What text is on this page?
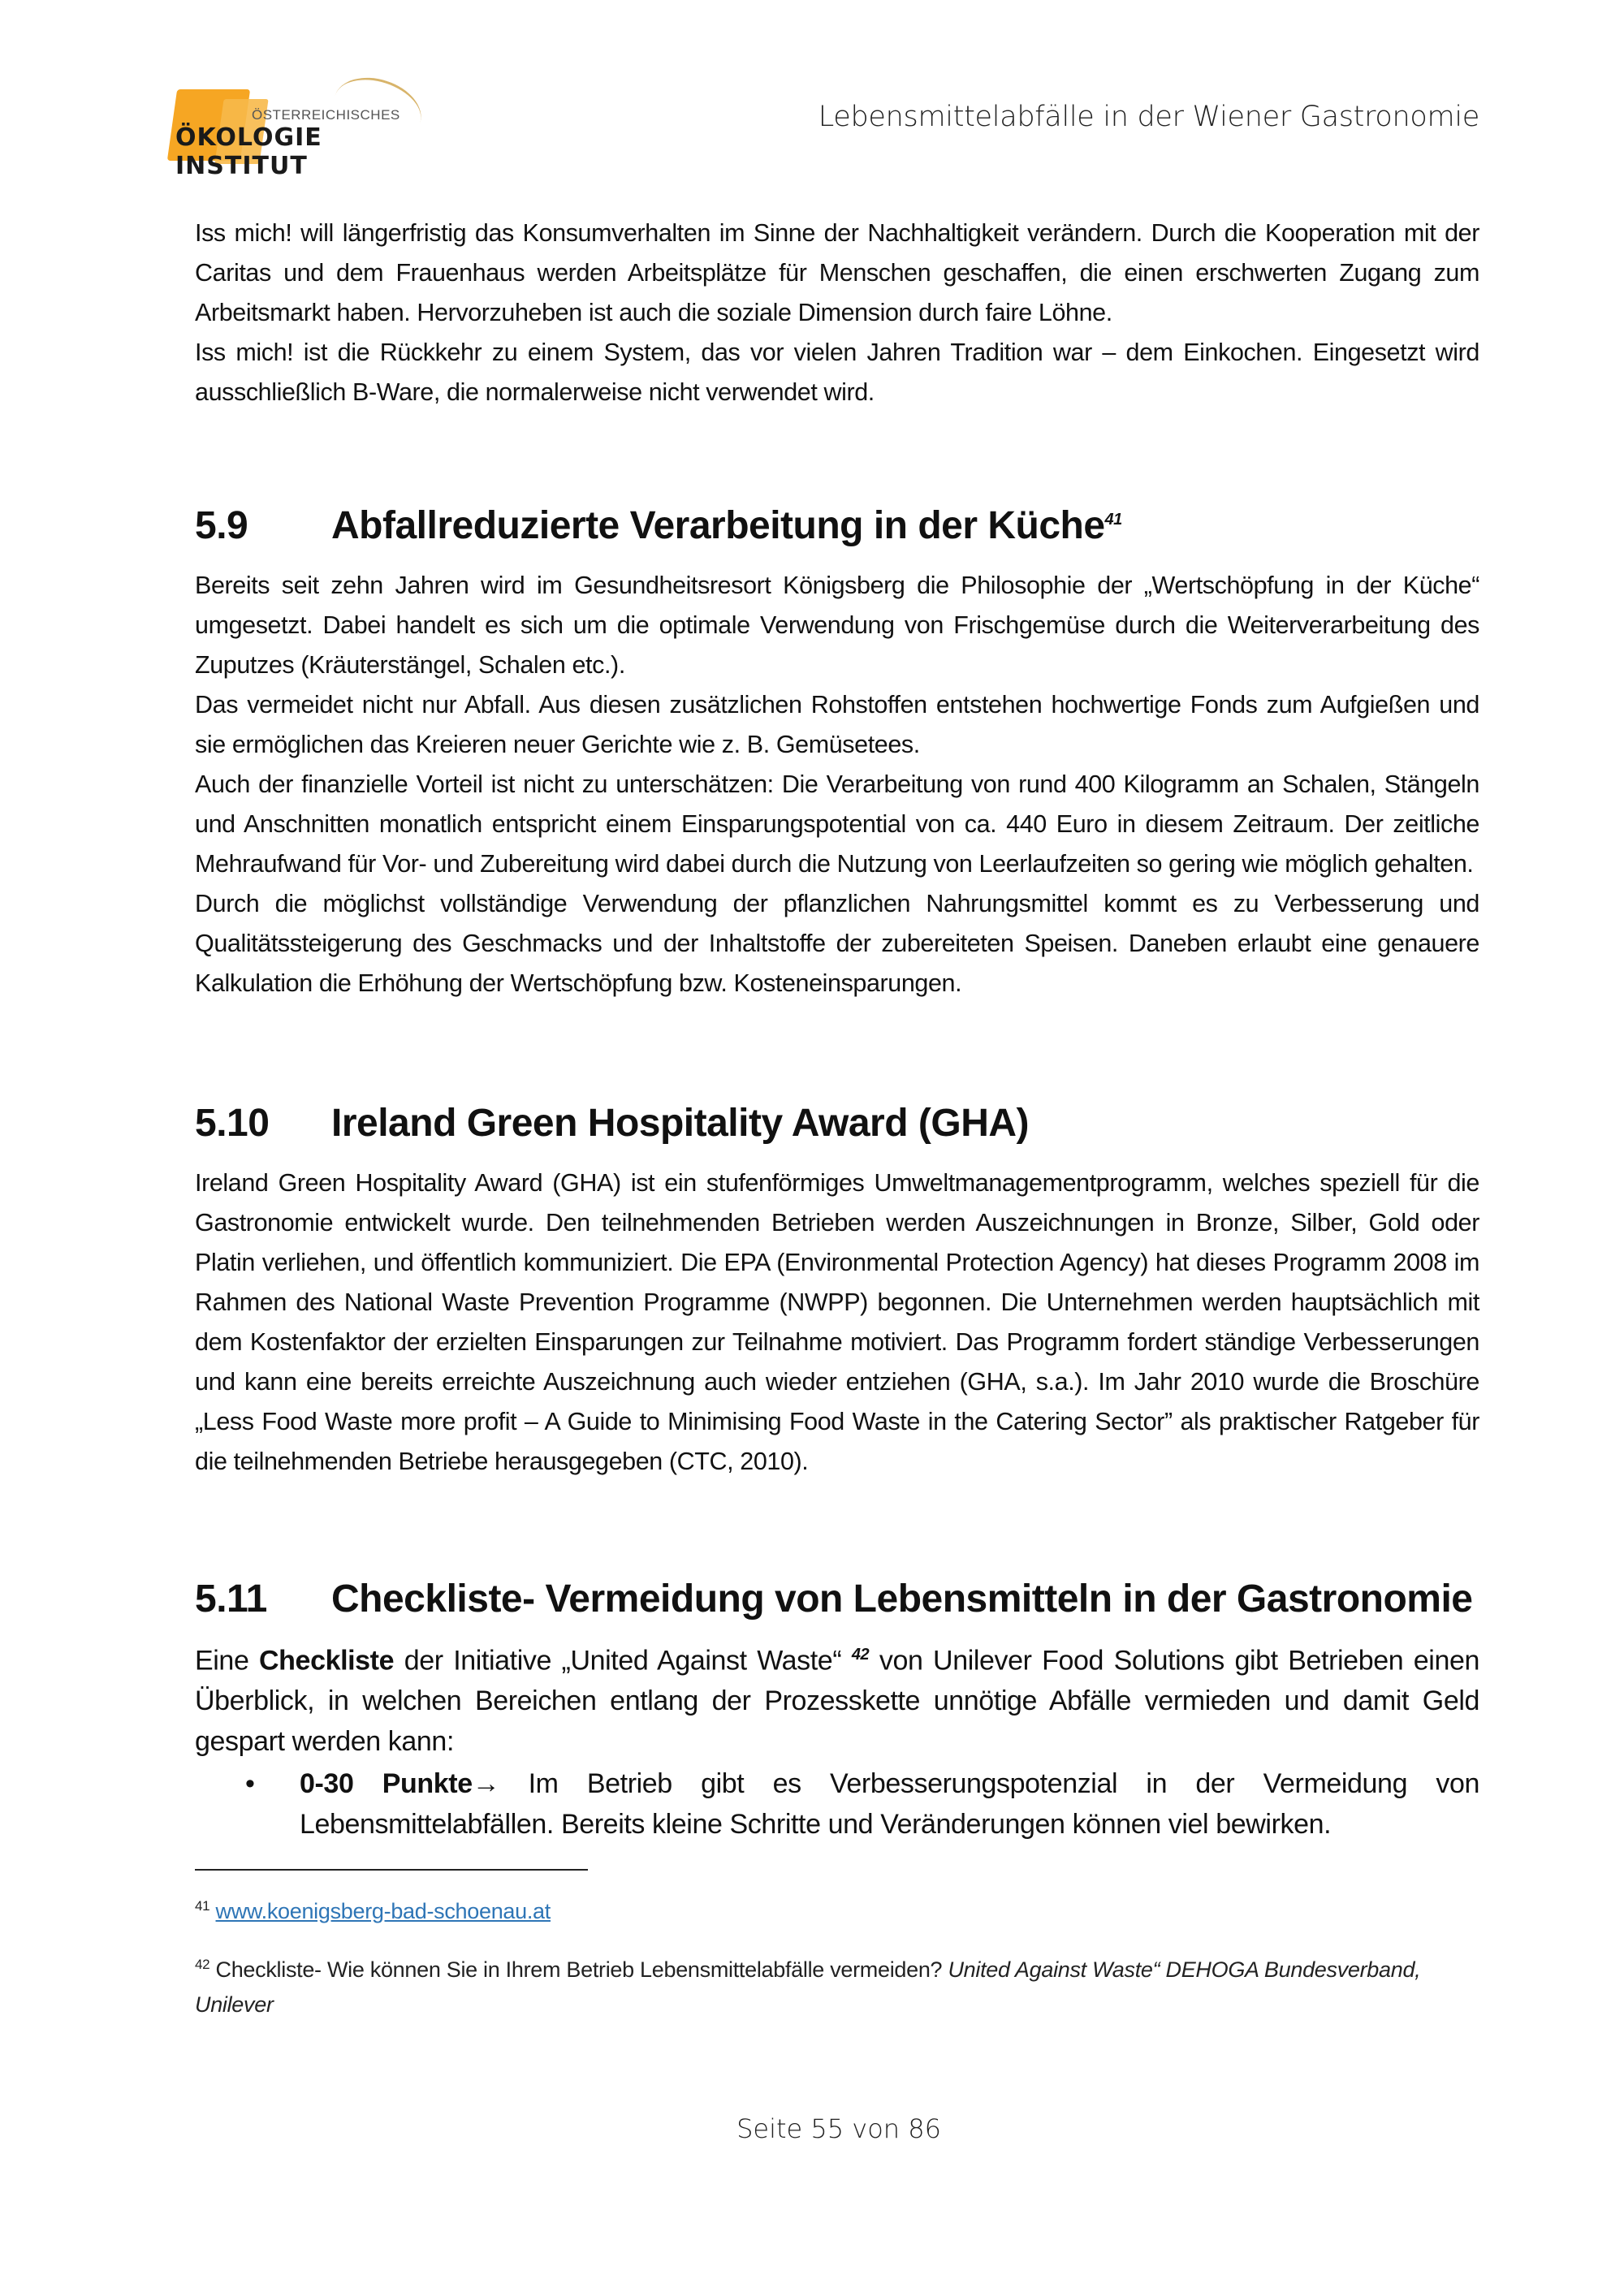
ÖSTERREICHISCHES
ÖKOLOGIE INSTITUT
Lebensmittelabfälle in der Wiener Gastronomie

Iss mich! will längerfristig das Konsumverhalten im Sinne der Nachhaltigkeit verändern. Durch die Kooperation mit der Caritas und dem Frauenhaus werden Arbeitsplätze für Menschen geschaffen, die einen erschwerten Zugang zum Arbeitsmarkt haben. Hervorzuheben ist auch die soziale Dimension durch faire Löhne.

Iss mich! ist die Rückkehr zu einem System, das vor vielen Jahren Tradition war – dem Einkochen. Eingesetzt wird ausschließlich B-Ware, die normalerweise nicht verwendet wird.

5.9	Abfallreduzierte Verarbeitung in der Küche$^{41}$

Bereits seit zehn Jahren wird im Gesundheitsresort Königsberg die Philosophie der „Wertschöpfung in der Küche“ umgesetzt. Dabei handelt es sich um die optimale Verwendung von Frischgemüse durch die Weiterverarbeitung des Zuputzes (Kräuterstängel, Schalen etc.).

Das vermeidet nicht nur Abfall. Aus diesen zusätzlichen Rohstoffen entstehen hochwertige Fonds zum Aufgießen und sie ermöglichen das Kreieren neuer Gerichte wie z. B. Gemüsetees.

Auch der finanzielle Vorteil ist nicht zu unterschätzen: Die Verarbeitung von rund 400 Kilogramm an Schalen, Stängeln und Anschnitten monatlich entspricht einem Einsparungspotential von ca. 440 Euro in diesem Zeitraum. Der zeitliche Mehraufwand für Vor- und Zubereitung wird dabei durch die Nutzung von Leerlaufzeiten so gering wie möglich gehalten.

Durch die möglichst vollständige Verwendung der pflanzlichen Nahrungsmittel kommt es zu Verbesserung und Qualitätssteigerung des Geschmacks und der Inhaltstoffe der zubereiteten Speisen. Daneben erlaubt eine genauere Kalkulation die Erhöhung der Wertschöpfung bzw. Kosteneinsparungen.

5.10	Ireland Green Hospitality Award (GHA)

Ireland Green Hospitality Award (GHA) ist ein stufenförmiges Umweltmanagementprogramm, welches speziell für die Gastronomie entwickelt wurde. Den teilnehmenden Betrieben werden Auszeichnungen in Bronze, Silber, Gold oder Platin verliehen, und öffentlich kommuniziert. Die EPA (Environmental Protection Agency) hat dieses Programm 2008 im Rahmen des National Waste Prevention Programme (NWPP) begonnen. Die Unternehmen werden hauptsächlich mit dem Kostenfaktor der erzielten Einsparungen zur Teilnahme motiviert. Das Programm fordert ständige Verbesserungen und kann eine bereits erreichte Auszeichnung auch wieder entziehen (GHA, s.a.). Im Jahr 2010 wurde die Broschüre „Less Food Waste more profit – A Guide to Minimising Food Waste in the Catering Sector” als praktischer Ratgeber für die teilnehmenden Betriebe herausgegeben (CTC, 2010).

5.11	Checkliste- Vermeidung von Lebensmitteln in der Gastronomie

Eine Checkliste der Initiative „United Against Waste“ $^{42}$ von Unilever Food Solutions gibt Betrieben einen Überblick, in welchen Bereichen entlang der Prozesskette unnötige Abfälle vermieden und damit Geld gespart werden kann:

•	0-30 Punkte→ Im Betrieb gibt es Verbesserungspotenzial in der Vermeidung von Lebensmittelabfällen. Bereits kleine Schritte und Veränderungen können viel bewirken.
$^{41}$ www.koenigsberg-bad-schoenau.at
$^{42}$ Checkliste- Wie können Sie in Ihrem Betrieb Lebensmittelabfälle vermeiden? United Against Waste“ DEHOGA Bundesverband, Unilever
Seite 55 von 86
